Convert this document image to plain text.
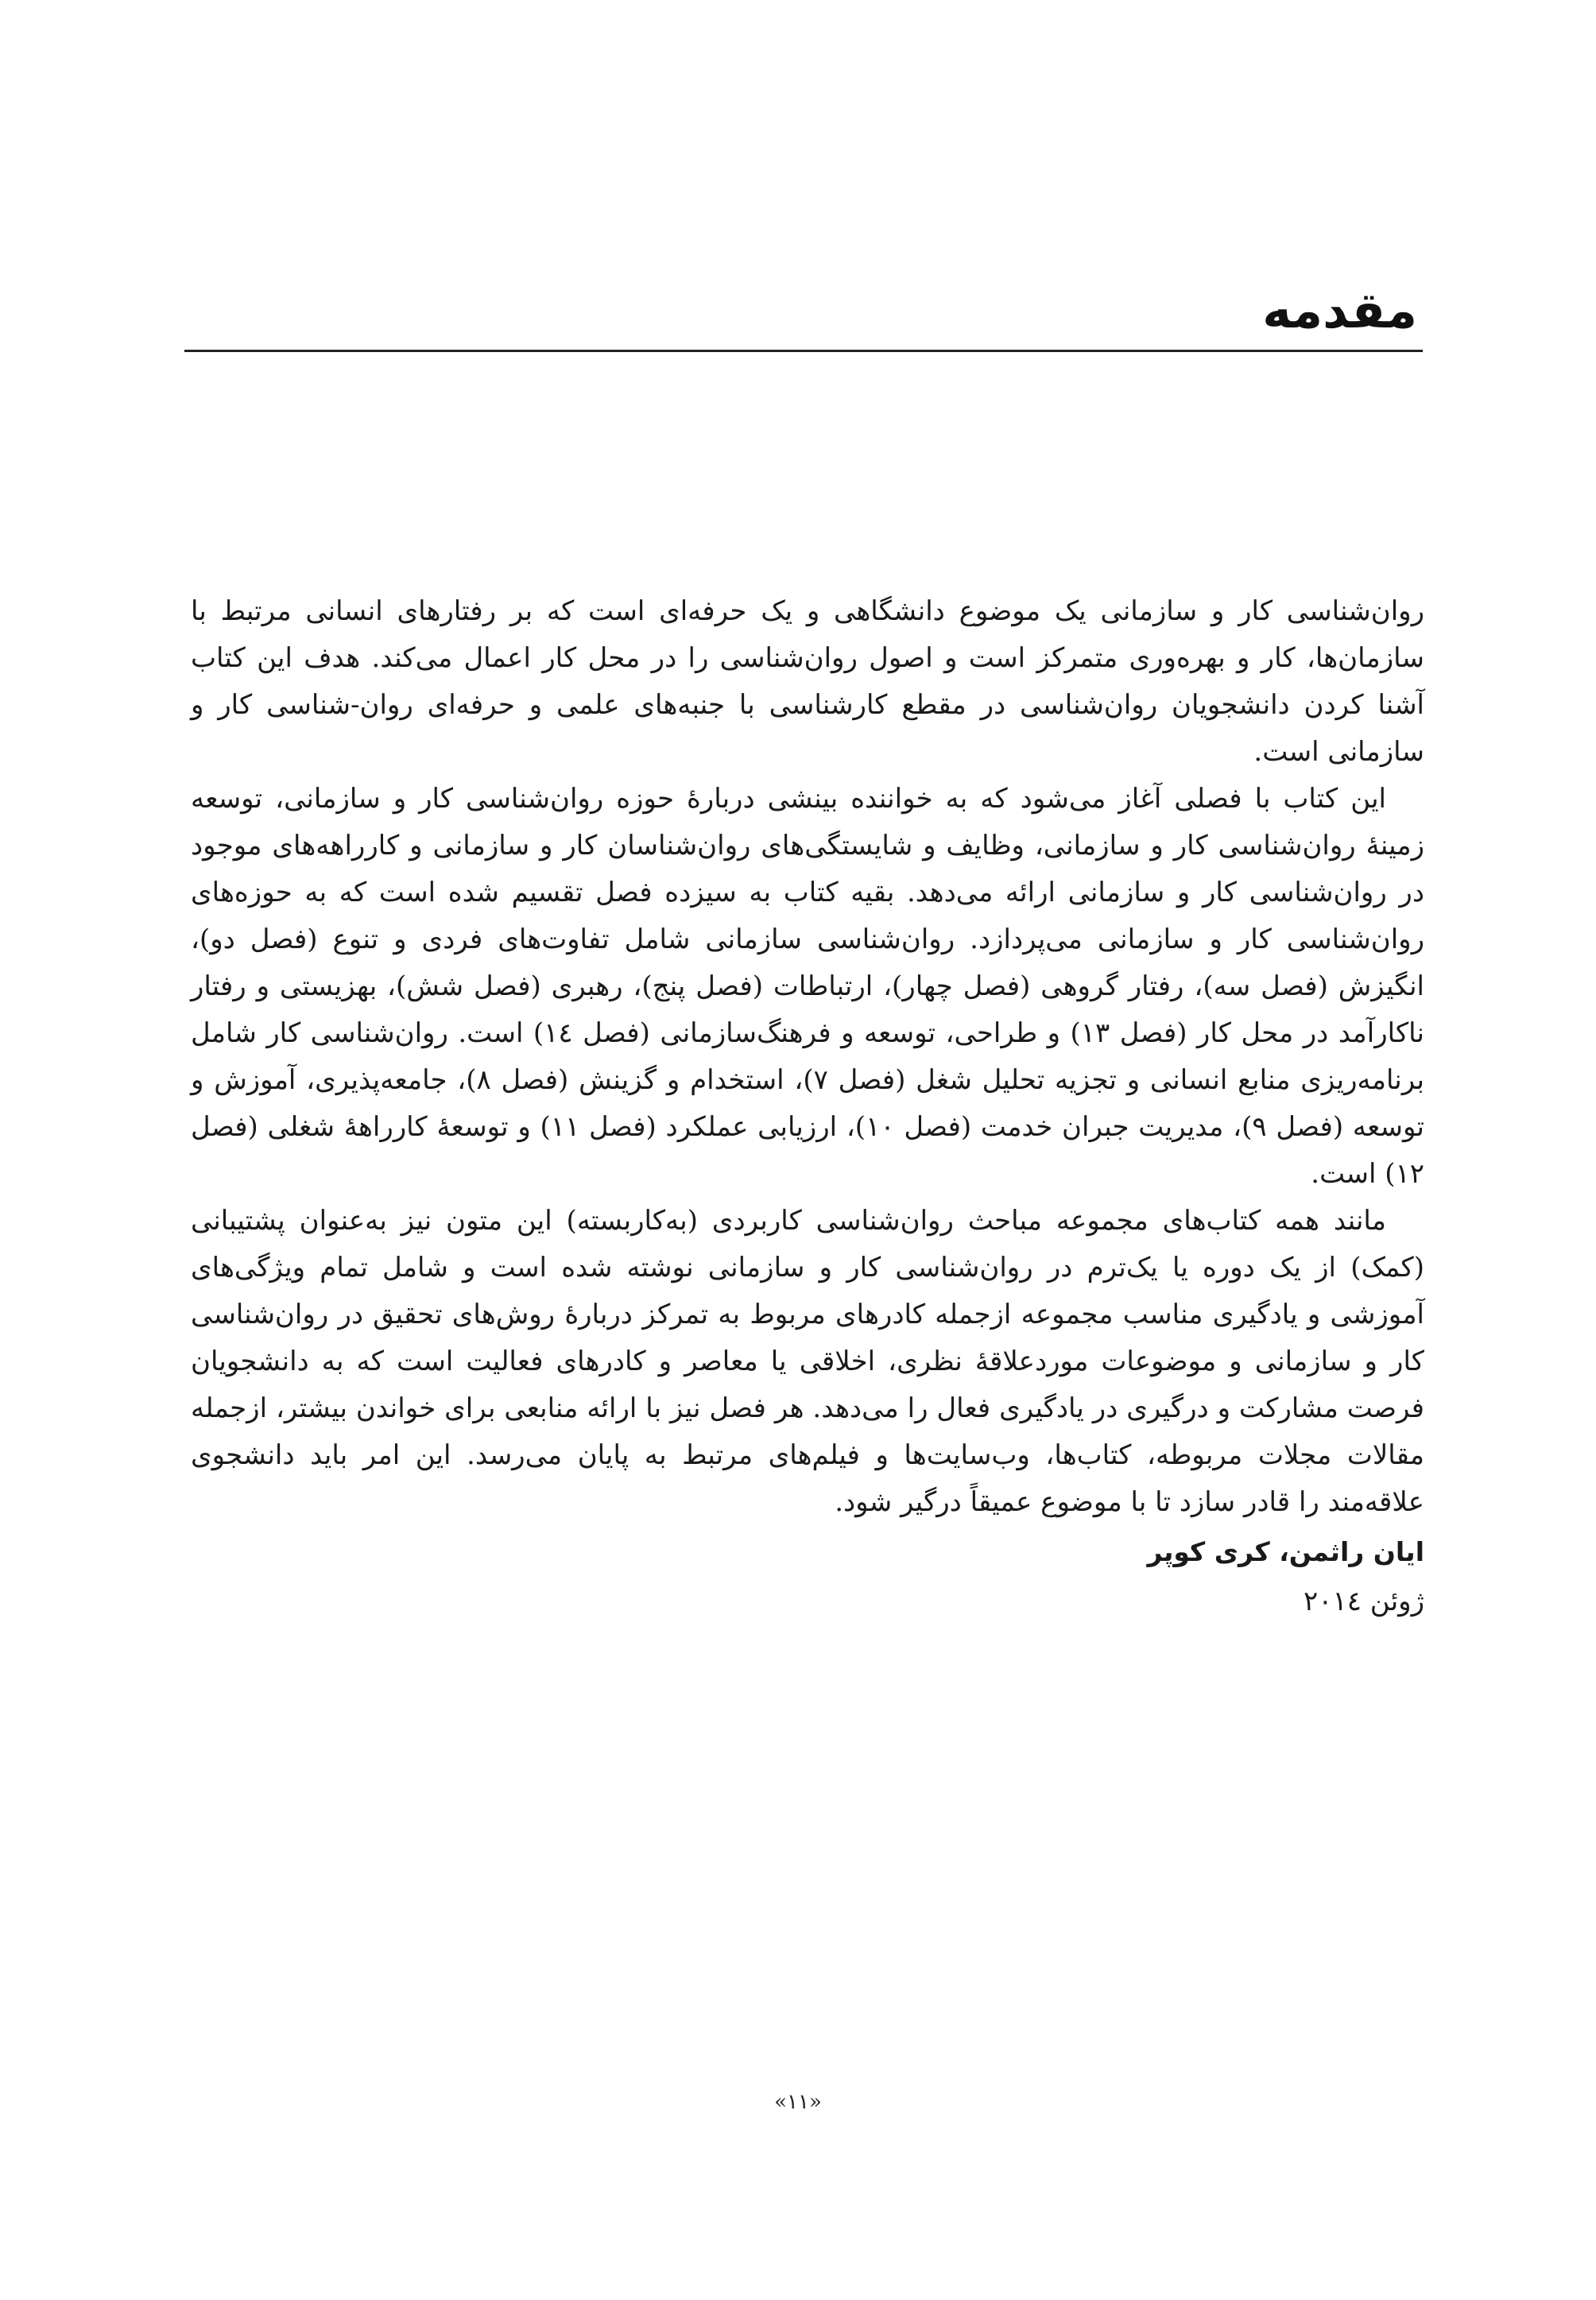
مقدمه

روان‌شناسی کار و سازمانی یک موضوع دانشگاهی و یک حرفه‌ای است که بر رفتارهای انسانی مرتبط با سازمان‌ها، کار و بهره‌وری متمرکز است و اصول روان‌شناسی را در محل کار اعمال می‌کند. هدف این کتاب آشنا کردن دانشجویان روان‌شناسی در مقطع کارشناسی با جنبه‌های علمی و حرفه‌ای روان-شناسی کار و سازمانی است.

این کتاب با فصلی آغاز می‌شود که به خواننده بینشی دربارهٔ حوزه روان‌شناسی کار و سازمانی، توسعه زمینهٔ روان‌شناسی کار و سازمانی، وظایف و شایستگی‌های روان‌شناسان کار و سازمانی و کارراهه‌های موجود در روان‌شناسی کار و سازمانی ارائه می‌دهد. بقیه کتاب به سیزده فصل تقسیم شده است که به حوزه‌های روان‌شناسی کار و سازمانی می‌پردازد. روان‌شناسی سازمانی شامل تفاوت‌های فردی و تنوع (فصل دو)، انگیزش (فصل سه)، رفتار گروهی (فصل چهار)، ارتباطات (فصل پنج)، رهبری (فصل شش)، بهزیستی و رفتار ناکارآمد در محل کار (فصل ۱۳) و طراحی، توسعه و فرهنگ‌سازمانی (فصل ١٤) است. روان‌شناسی کار شامل برنامه‌ریزی منابع انسانی و تجزیه تحلیل شغل (فصل ۷)، استخدام و گزینش (فصل ۸)، جامعه‌پذیری، آموزش و توسعه (فصل ۹)، مدیریت جبران خدمت (فصل ۱۰)، ارزیابی عملکرد (فصل ۱۱) و توسعهٔ کارراههٔ شغلی (فصل ۱۲) است.

مانند همه کتاب‌های مجموعه مباحث روان‌شناسی کاربردی (به‌کاربسته) این متون نیز به‌عنوان پشتیبانی (کمک) از یک دوره یا یک‌ترم در روان‌شناسی کار و سازمانی نوشته شده است و شامل تمام ویژگی‌های آموزشی و یادگیری مناسب مجموعه ازجمله کادرهای مربوط به تمرکز دربارهٔ روش‌های تحقیق در روان‌شناسی کار و سازمانی و موضوعات موردعلاقهٔ نظری، اخلاقی یا معاصر و کادرهای فعالیت است که به دانشجویان فرصت مشارکت و درگیری در یادگیری فعال را می‌دهد. هر فصل نیز با ارائه منابعی برای خواندن بیشتر، ازجمله مقالات مجلات مربوطه، کتاب‌ها، وب‌سایت‌ها و فیلم‌های مرتبط به پایان می‌رسد. این امر باید دانشجوی علاقه‌مند را قادر سازد تا با موضوع عمیقاً درگیر شود.

ایان راثمن، کری کوپر
ژوئن ٢٠١٤
«۱۱»
